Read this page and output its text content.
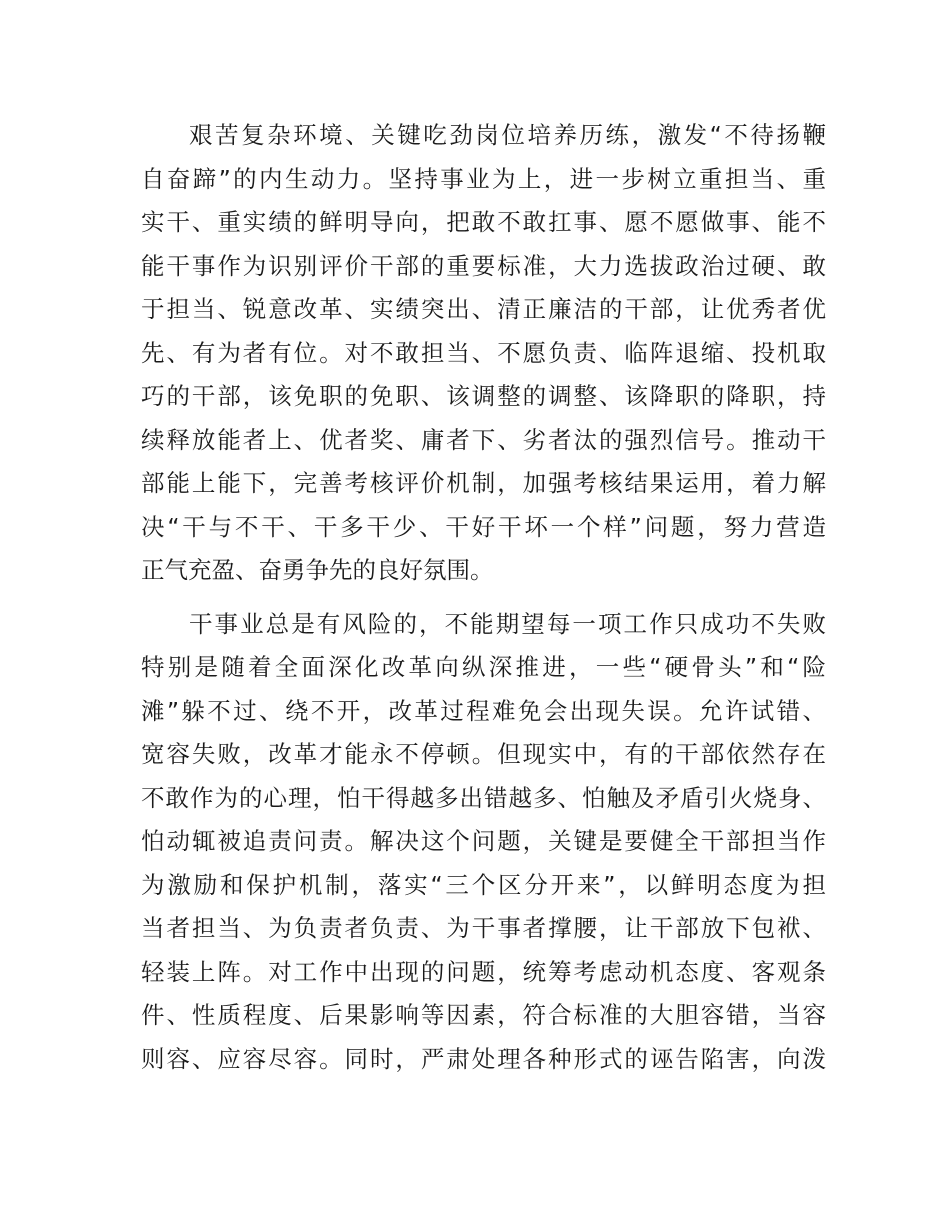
艰苦复杂环境、关键吃劲岗位培养历练，激发“不待扬鞭
自奋蹄”的内生动力。坚持事业为上，进一步树立重担当、重
实干、重实绩的鲜明导向，把敢不敢扛事、愿不愿做事、能不
能干事作为识别评价干部的重要标准，大力选拔政治过硬、敢
于担当、锐意改革、实绩突出、清正廉洁的干部，让优秀者优
先、有为者有位。对不敢担当、不愿负责、临阵退缩、投机取
巧的干部，该免职的免职、该调整的调整、该降职的降职，持
续释放能者上、优者奖、庸者下、劣者汰的强烈信号。推动干
部能上能下，完善考核评价机制，加强考核结果运用，着力解
决“干与不干、干多干少、干好干坏一个样”问题，努力营造
正气充盈、奋勇争先的良好氛围。
干事业总是有风险的，不能期望每一项工作只成功不失败
特别是随着全面深化改革向纵深推进，一些“硬骨头”和“险
滩”躲不过、绕不开，改革过程难免会出现失误。允许试错、
宽容失败，改革才能永不停顿。但现实中，有的干部依然存在
不敢作为的心理，怕干得越多出错越多、怕触及矛盾引火烧身、
怕动辄被追责问责。解决这个问题，关键是要健全干部担当作
为激励和保护机制，落实“三个区分开来”，以鲜明态度为担
当者担当、为负责者负责、为干事者撑腰，让干部放下包袱、
轻装上阵。对工作中出现的问题，统筹考虑动机态度、客观条
件、性质程度、后果影响等因素，符合标准的大胆容错，当容
则容、应容尽容。同时，严肃处理各种形式的诬告陷害，向泼
